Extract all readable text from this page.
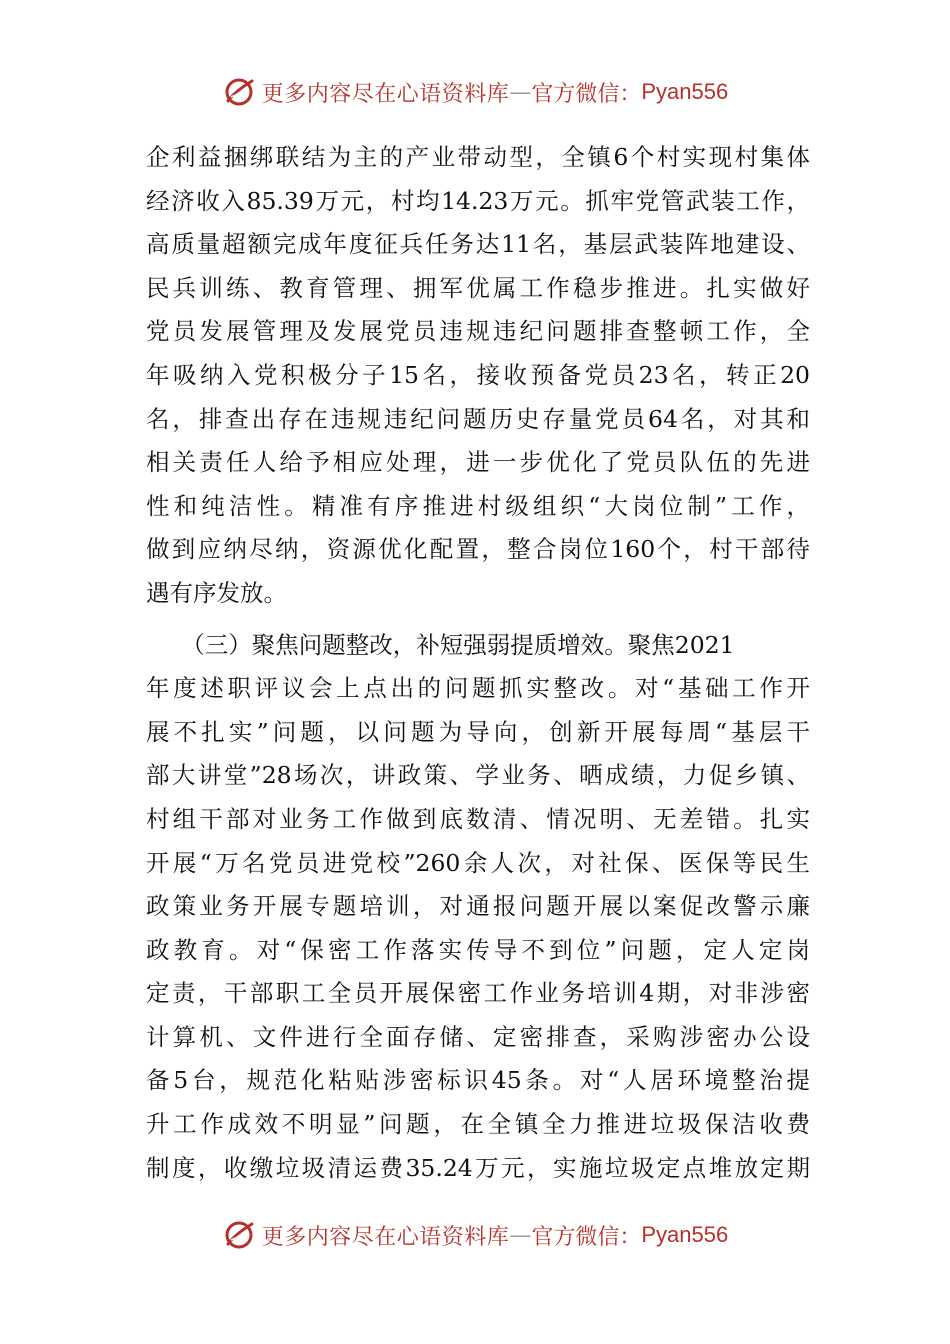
更多内容尽在心语资料库 — 官方微信： Pyan556
企利益捆绑联结为主的产业带动型，全镇6个村实现村集体
经济收入85.39万元，村均14.23万元。抓牢党管武装工作，
高质量超额完成年度征兵任务达11名，基层武装阵地建设、
民兵训练、教育管理、拥军优属工作稳步推进。扎实做好
党员发展管理及发展党员违规违纪问题排查整顿工作，全
年吸纳入党积极分子15名，接收预备党员23名，转正20
名，排查出存在违规违纪问题历史存量党员64名，对其和
相关责任人给予相应处理，进一步优化了党员队伍的先进
性和纯洁性。精准有序推进村级组织“大岗位制”工作，
做到应纳尽纳，资源优化配置，整合岗位160个，村干部待
遇有序发放。
　　（三）聚焦问题整改，补短强弱提质增效。聚焦2021
年度述职评议会上点出的问题抓实整改。对“基础工作开
展不扎实”问题，以问题为导向，创新开展每周“基层干
部大讲堂”28场次，讲政策、学业务、晒成绩，力促乡镇、
村组干部对业务工作做到底数清、情况明、无差错。扎实
开展“万名党员进党校”260余人次，对社保、医保等民生
政策业务开展专题培训，对通报问题开展以案促改警示廉
政教育。对“保密工作落实传导不到位”问题，定人定岗
定责，干部职工全员开展保密工作业务培训4期，对非涉密
计算机、文件进行全面存储、定密排查，采购涉密办公设
备5台，规范化粘贴涉密标识45条。对“人居环境整治提
升工作成效不明显”问题，在全镇全力推进垃圾保洁收费
制度，收缴垃圾清运费35.24万元，实施垃圾定点堆放定期
更多内容尽在心语资料库 — 官方微信： Pyan556
